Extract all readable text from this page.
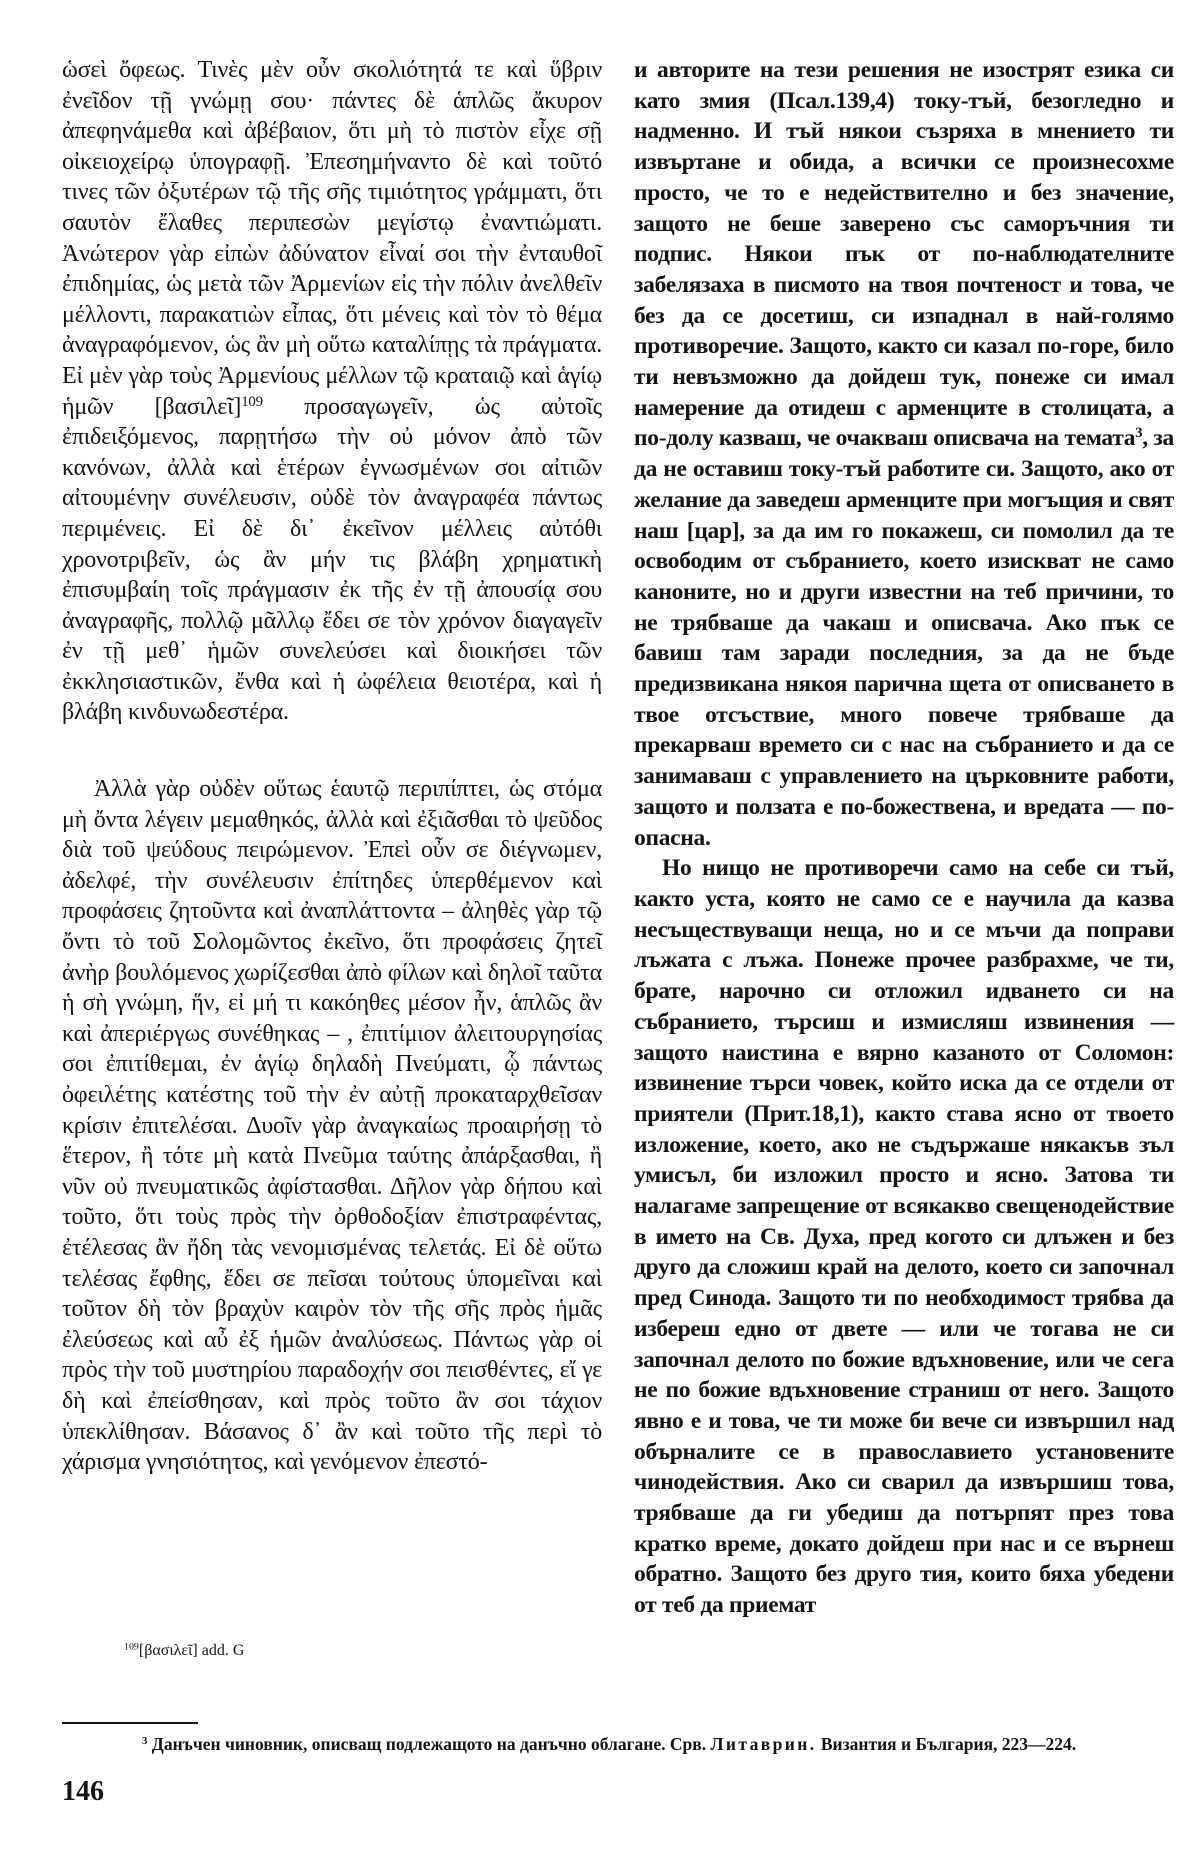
ὡσεὶ ὄφεως. Τινὲς μὲν οὖν σκολιότητά τε καὶ ὕβριν ἐνεῖδον τῇ γνώμῃ σου· πάντες δὲ ἁπλῶς ἄκυρον ἀπεφηνάμεθα καὶ ἀβέβαιον, ὅτι μὴ τὸ πιστὸν εἶχε σῇ οἰκειοχείρῳ ὑπογραφῇ. Ἐπεσημήναντο δὲ καὶ τοῦτό τινες τῶν ὀξυτέρων τῷ τῆς σῆς τιμιότητος γράμματι, ὅτι σαυτὸν ἔλαθες περιπεσὼν μεγίστῳ ἐναντιώματι. Ἀνώτερον γὰρ εἰπὼν ἀδύνατον εἶναί σοι τὴν ἐνταυθοῖ ἐπιδημίας, ὡς μετὰ τῶν Ἀρμενίων εἰς τὴν πόλιν ἀνελθεῖν μέλλοντι, παρακατιὼν εἶπας, ὅτι μένεις καὶ τὸν τὸ θέμα ἀναγραφόμενον, ὡς ἂν μὴ οὕτω καταλίπῃς τὰ πράγματα. Εἰ μὲν γὰρ τοὺς Ἀρμενίους μέλλων τῷ κραταιῷ καὶ ἁγίῳ ἡμῶν [βασιλεῖ]$^{109}$ προσαγωγεῖν, ὡς αὐτοῖς ἐπιδειξόμενος, παρῃτήσω τὴν οὐ μόνον ἀπὸ τῶν κανόνων, ἀλλὰ καὶ ἑτέρων ἐγνωσμένων σοι αἰτιῶν αἰτουμένην συνέλευσιν, οὐδὲ τὸν ἀναγραφέα πάντως περιμένεις. Εἰ δὲ δι᾽ ἐκεῖνον μέλλεις αὐτόθι χρονοτριβεῖν, ὡς ἂν μήν τις βλάβη χρηματικὴ ἐπισυμβαίη τοῖς πράγμασιν ἐκ τῆς ἐν τῇ ἀπουσίᾳ σου ἀναγραφῆς, πολλῷ μᾶλλῳ ἔδει σε τὸν χρόνον διαγαγεῖν ἐν τῇ μεθ᾽ ἡμῶν συνελεύσει καὶ διοικήσει τῶν ἐκκλησιαστικῶν, ἔνθα καὶ ἡ ὠφέλεια θειοτέρα, καὶ ἡ βλάβη κινδυνωδεστέρα.

Ἀλλὰ γὰρ οὐδὲν οὕτως ἑαυτῷ περιπίπτει, ὡς στόμα μὴ ὄντα λέγειν μεμαθηκός, ἀλλὰ καὶ ἐξιᾶσθαι τὸ ψεῦδος διὰ τοῦ ψεύδους πειρώμενον. Ἐπεὶ οὖν σε διέγνωμεν, ἀδελφέ, τὴν συνέλευσιν ἐπίτηδες ὑπερθέμενον καὶ προφάσεις ζητοῦντα καὶ ἀναπλάττοντα – ἀληθὲς γὰρ τῷ ὄντι τὸ τοῦ Σολομῶντος ἐκεῖνο, ὅτι προφάσεις ζητεῖ ἀνὴρ βουλόμενος χωρίζεσθαι ἀπὸ φίλων καὶ δηλοῖ ταῦτα ἡ σὴ γνώμη, ἥν, εἰ μή τι κακόηθες μέσον ἦν, ἁπλῶς ἂν καὶ ἀπεριέργως συνέθηκας – , ἐπιτίμιον ἀλειτουργησίας σοι ἐπιτίθεμαι, ἐν ἁγίῳ δηλαδὴ Πνεύματι, ᾧ πάντως ὀφειλέτης κατέστης τοῦ τὴν ἐν αὐτῇ προκαταρχθεῖσαν κρίσιν ἐπιτελέσαι. Δυοῖν γὰρ ἀναγκαίως προαιρήσῃ τὸ ἕτερον, ἢ τότε μὴ κατὰ Πνεῦμα ταύτης ἀπάρξασθαι, ἢ νῦν οὐ πνευματικῶς ἀφίστασθαι. Δῆλον γὰρ δήπου καὶ τοῦτο, ὅτι τοὺς πρὸς τὴν ὀρθοδοξίαν ἐπιστραφέντας, ἐτέλεσας ἂν ἤδη τὰς νενομισμένας τελετάς. Εἰ δὲ οὕτω τελέσας ἔφθης, ἔδει σε πεῖσαι τούτους ὑπομεῖναι καὶ τοῦτον δὴ τὸν βραχὺν καιρὸν τὸν τῆς σῆς πρὸς ἡμᾶς ἐλεύσεως καὶ αὖ ἐξ ἡμῶν ἀναλύσεως. Πάντως γὰρ οἱ πρὸς τὴν τοῦ μυστηρίου παραδοχήν σοι πεισθέντες, εἴ γε δὴ καὶ ἐπείσθησαν, καὶ πρὸς τοῦτο ἂν σοι τάχιον ὑπεκλίθησαν. Βάσανος δ᾽ ἂν καὶ τοῦτο τῆς περὶ τὸ χάρισμα γνησιότητος, καὶ γενόμενον ἐπεστό-

и авторите на тези решения не изострят езика си като змия (Псал.139,4) току-тъй, безогледно и надменно. И тъй някои съзряха в мнението ти извъртане и обида, а всички се произнесохме просто, че то е недействително и без значение, защото не беше заверено със саморъчния ти подпис. Някои пък от по-наблюдателните забелязаха в писмото на твоя почтеност и това, че без да се досетиш, си изпаднал в най-голямо противоречие. Защото, както си казал по-горе, било ти невъзможно да дойдеш тук, понеже си имал намерение да отидеш с арменците в столицата, а по-долу казваш, че очакваш описвача на темата$^3$, за да не оставиш току-тъй работите си. Защото, ако от желание да заведеш арменците при могъщия и свят наш [цар], за да им го покажеш, си помолил да те освободим от събранието, което изискват не само каноните, но и други известни на теб причини, то не трябваше да чакаш и описвача. Ако пък се бавиш там заради последния, за да не бъде предизвикана някоя парична щета от описването в твое отсъствие, много повече трябваше да прекарваш времето си с нас на събранието и да се занимаваш с управлението на църковните работи, защото и ползата е по-божествена, и вредата — по-опасна.

Но нищо не противоречи само на себе си тъй, както уста, която не само се е научила да казва несъществуващи неща, но и се мъчи да поправи лъжата с лъжа. Понеже прочее разбрахме, че ти, брате, нарочно си отложил идването си на събранието, търсиш и измисляш извинения — защото наистина е вярно казаното от Соломон: извинение търси човек, който иска да се отдели от приятели (Прит.18,1), както става ясно от твоето изложение, което, ако не съдържаше някакъв зъл умисъл, би изложил просто и ясно. Затова ти налагаме запрещение от всякакво свещенодействие в името на Св. Духа, пред когото си длъжен и без друго да сложиш край на делото, което си започнал пред Синода. Защото ти по необходимост трябва да избереш едно от двете — или че тогава не си започнал делото по божие вдъхновение, или че сега не по божие вдъхновение страниш от него. Защото явно е и това, че ти може би вече си извършил над обърналите се в православието установените чинодействия. Ако си сварил да извършиш това, трябваше да ги убедиш да потърпят през това кратко време, докато дойдеш при нас и се върнеш обратно. Защото без друго тия, които бяха убедени от теб да приемат

$^{109}$[βασιλεῖ] add. G
$^3$ Данъчен чиновник, описващ подлежащото на данъчно облагане. Срв. Литаврин. Византия и България, 223—224.
146
